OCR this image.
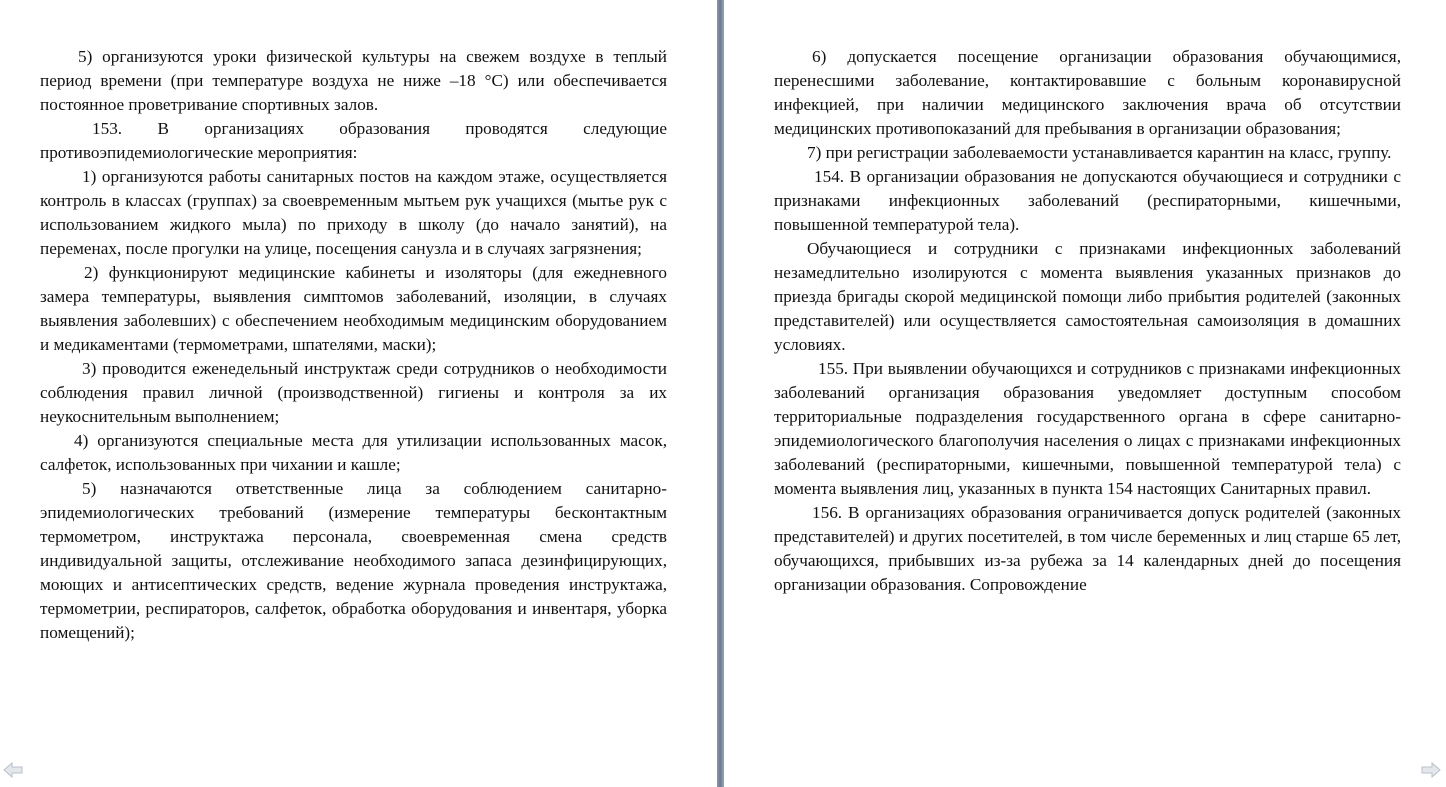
5) организуются уроки физической культуры на свежем воздухе в теплый период времени (при температуре воздуха не ниже –18 °С) или обеспечивается постоянное проветривание спортивных залов.

153. В организациях образования проводятся следующие противоэпидемиологические мероприятия:

1) организуются работы санитарных постов на каждом этаже, осуществляется контроль в классах (группах) за своевременным мытьем рук учащихся (мытье рук с использованием жидкого мыла) по приходу в школу (до начало занятий), на переменах, после прогулки на улице, посещения санузла и в случаях загрязнения;

2) функционируют медицинские кабинеты и изоляторы (для ежедневного замера температуры, выявления симптомов заболеваний, изоляции, в случаях выявления заболевших) с обеспечением необходимым медицинским оборудованием и медикаментами (термометрами, шпателями, маски);

3) проводится еженедельный инструктаж среди сотрудников о необходимости соблюдения правил личной (производственной) гигиены и контроля за их неукоснительным выполнением;

4) организуются специальные места для утилизации использованных масок, салфеток, использованных при чихании и кашле;

5) назначаются ответственные лица за соблюдением санитарно-эпидемиологических требований (измерение температуры бесконтактным термометром, инструктажа персонала, своевременная смена средств индивидуальной защиты, отслеживание необходимого запаса дезинфицирующих, моющих и антисептических средств, ведение журнала проведения инструктажа, термометрии, респираторов, салфеток, обработка оборудования и инвентаря, уборка помещений);

6) допускается посещение организации образования обучающимися, перенесшими заболевание, контактировавшие с больным коронавирусной инфекцией, при наличии медицинского заключения врача об отсутствии медицинских противопоказаний для пребывания в организации образования;

7) при регистрации заболеваемости устанавливается карантин на класс, группу.

154. В организации образования не допускаются обучающиеся и сотрудники с признаками инфекционных заболеваний (респираторными, кишечными, повышенной температурой тела).

Обучающиеся и сотрудники с признаками инфекционных заболеваний незамедлительно изолируются с момента выявления указанных признаков до приезда бригады скорой медицинской помощи либо прибытия родителей (законных представителей) или осуществляется самостоятельная самоизоляция в домашних условиях.

155. При выявлении обучающихся и сотрудников с признаками инфекционных заболеваний организация образования уведомляет доступным способом территориальные подразделения государственного органа в сфере санитарно-эпидемиологического благополучия населения о лицах с признаками инфекционных заболеваний (респираторными, кишечными, повышенной температурой тела) с момента выявления лиц, указанных в пункта 154 настоящих Санитарных правил.

156. В организациях образования ограничивается допуск родителей (законных представителей) и других посетителей, в том числе беременных и лиц старше 65 лет, обучающихся, прибывших из-за рубежа за 14 календарных дней до посещения организации образования. Сопровождение
